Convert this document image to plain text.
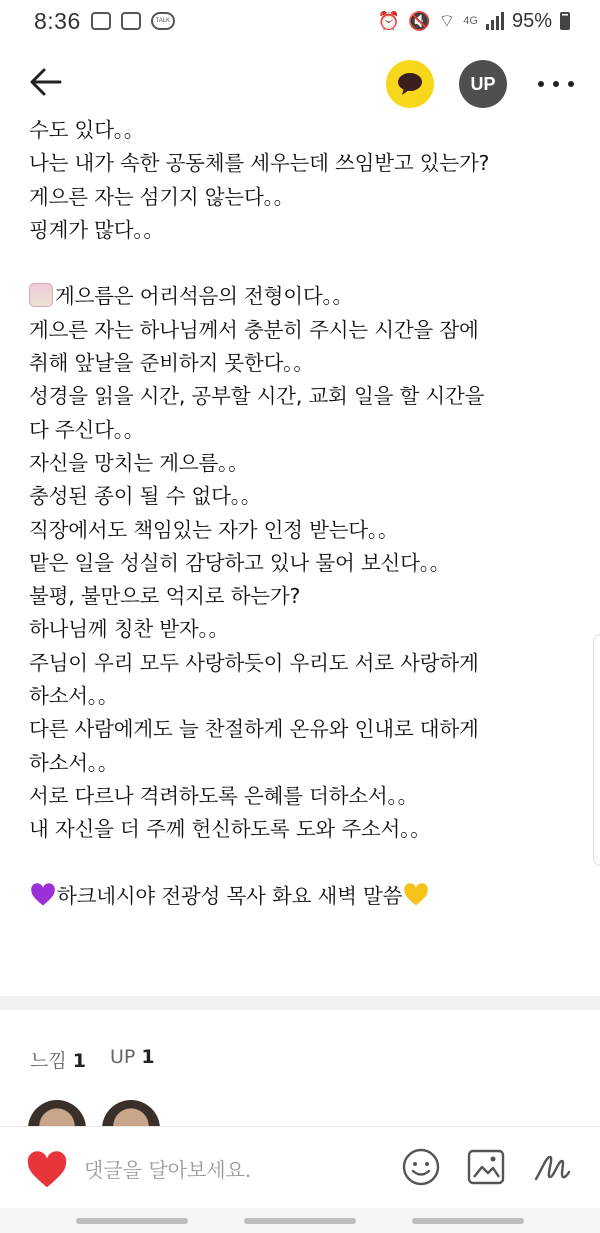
8:36	TALK	⏰ 🔇 ⌔ 4G 95%
UP
수도 있다。。
나는 내가 속한 공동체를 세우는데 쓰임받고 있는가?
게으른 자는 섬기지 않는다。。
핑계가 많다。。
게으름은 어리석음의 전형이다。。
게으른 자는 하나님께서 충분히 주시는 시간을 잠에
취해 앞날을 준비하지 못한다。。
성경을 읽을 시간, 공부할 시간, 교회 일을 할 시간을
다 주신다。。
자신을 망치는 게으름。。
충성된 종이 될 수 없다。。
직장에서도 책임있는 자가 인정 받는다。。
맡은 일을 성실히 감당하고 있나 물어 보신다。。
불평, 불만으로 억지로 하는가?
하나님께 칭찬 받자。。
주님이 우리 모두 사랑하듯이 우리도 서로 사랑하게
하소서。。
다른 사람에게도 늘 찬절하게 온유와 인내로 대하게
하소서。。
서로 다르나 격려하도록 은혜를 더하소서。。
내 자신을 더 주께 헌신하도록 도와 주소서。。
하크네시야 전광성 목사 화요 새벽 말씀
느낌 1 UP 1
댓글을 달아보세요.
